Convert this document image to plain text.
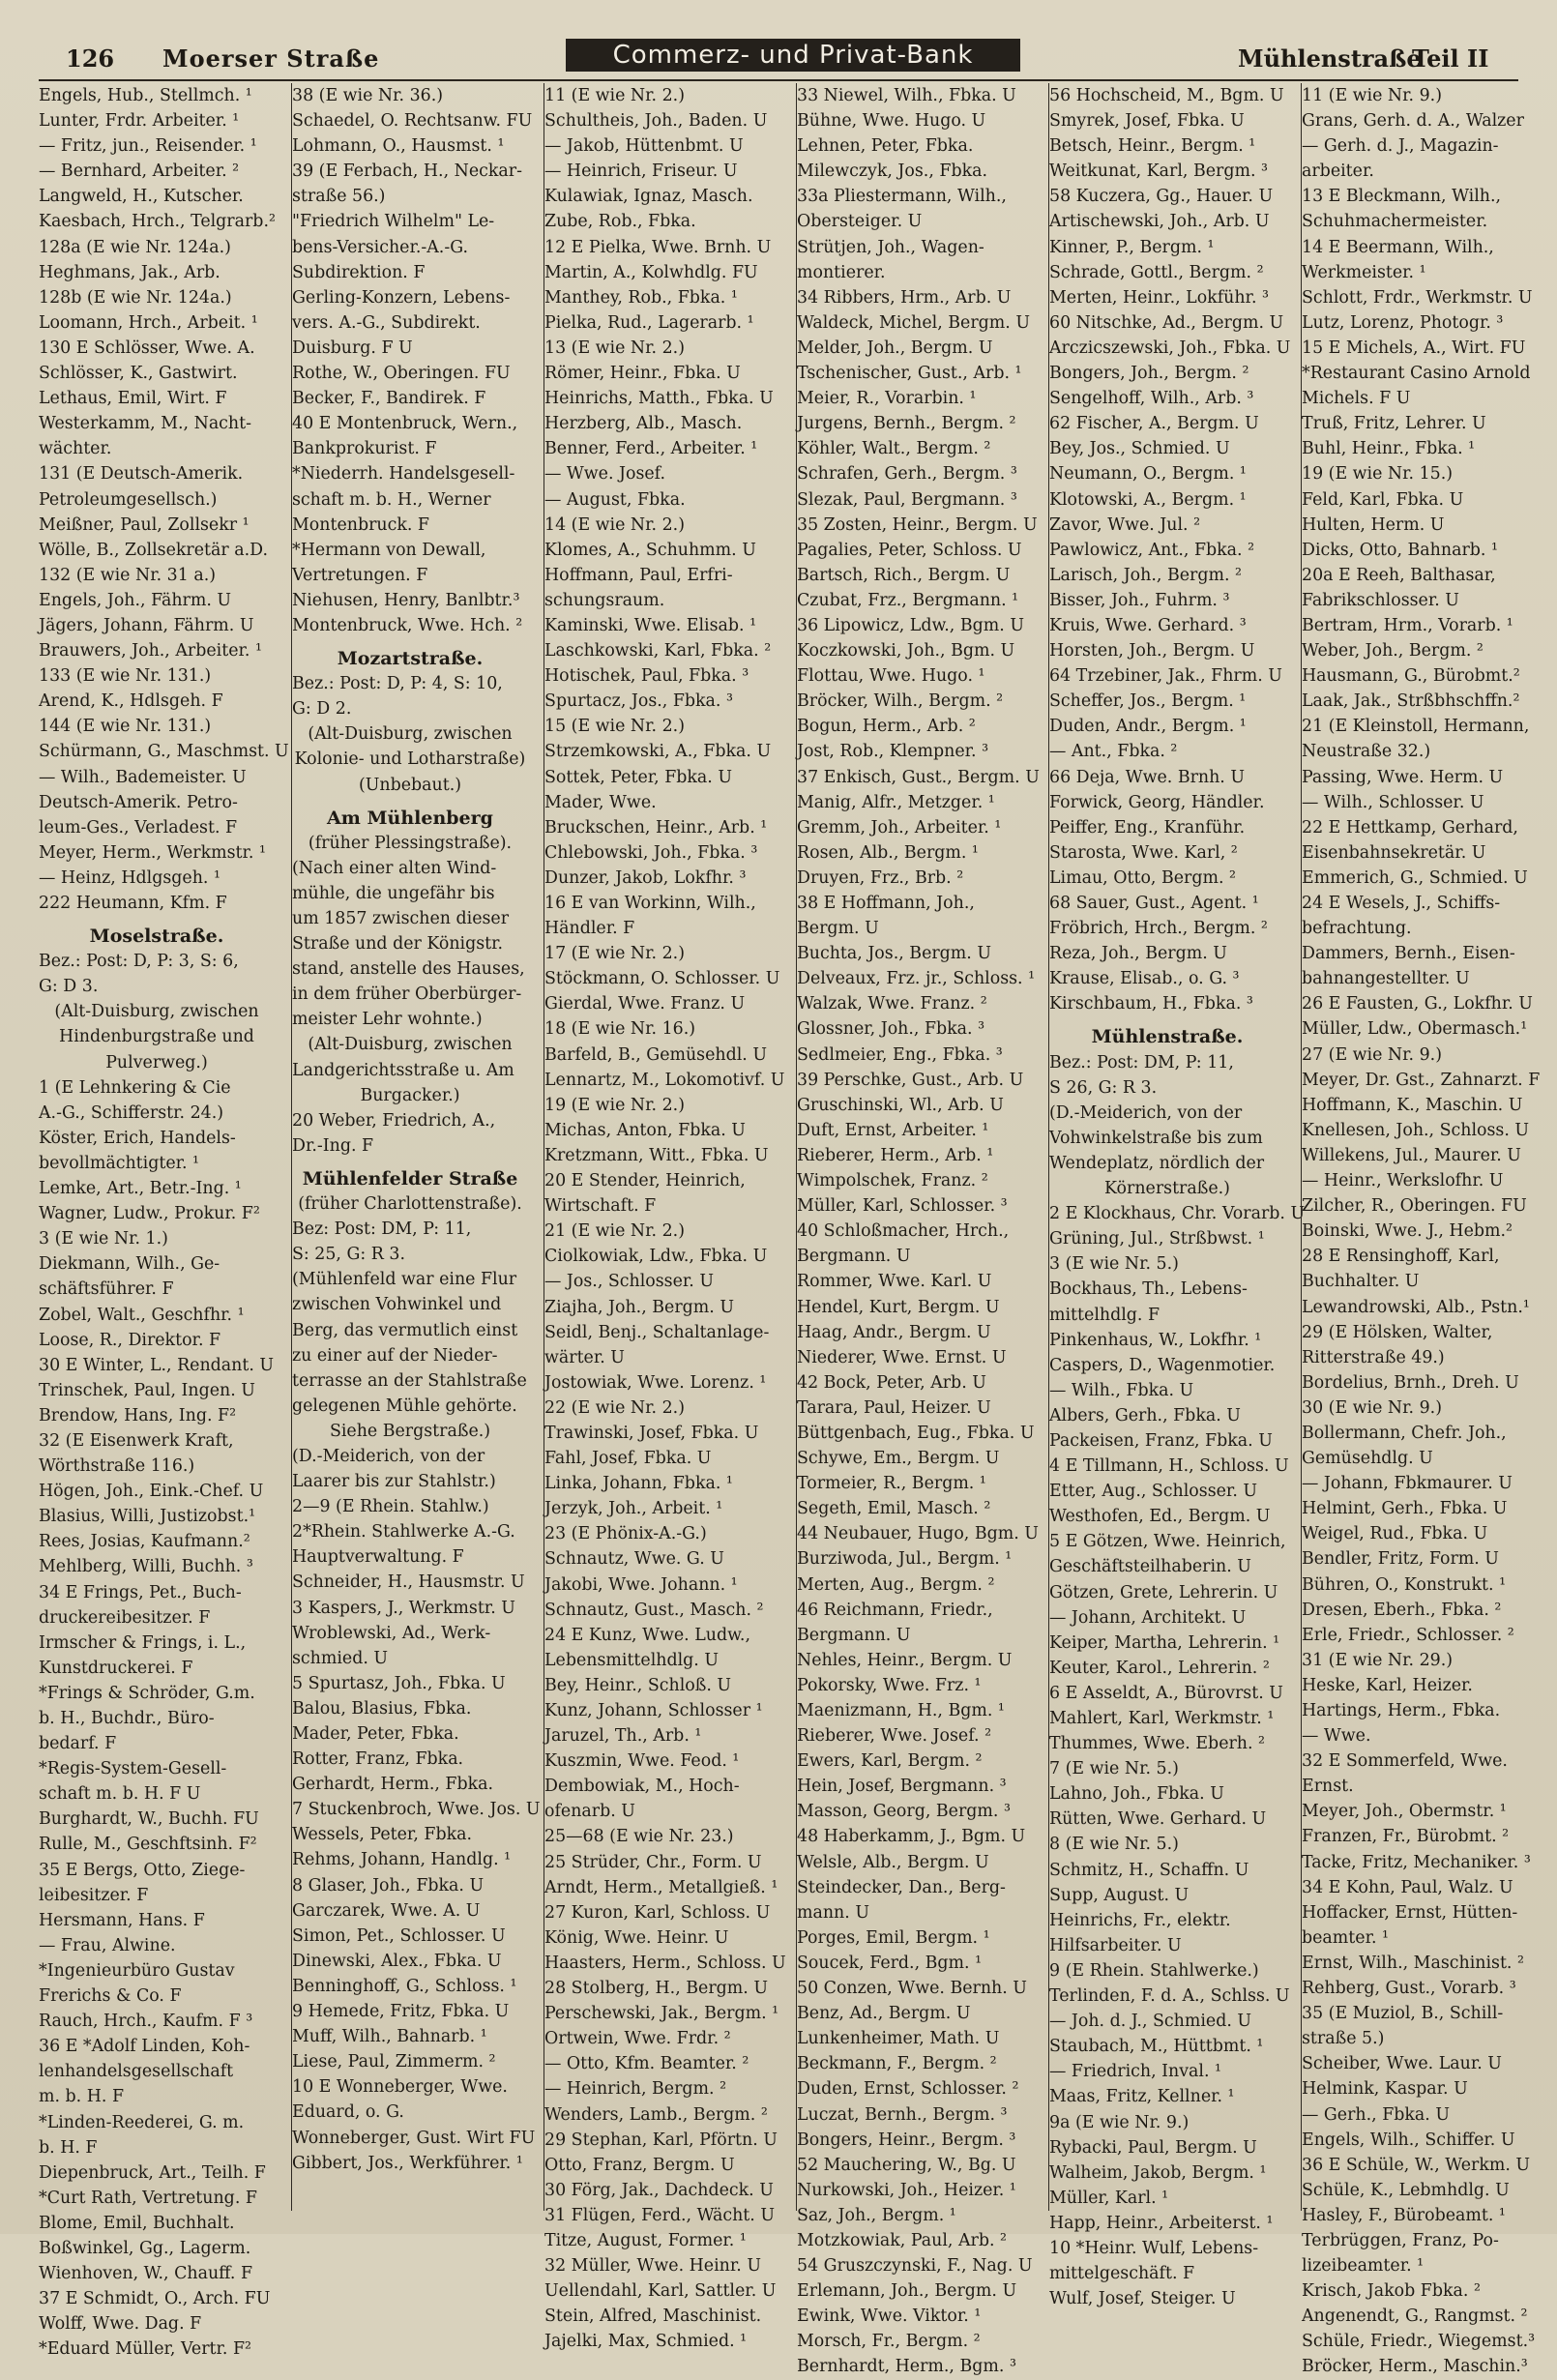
126 Moerser Straße	Commerz- und Privat-Bank	Mühlenstraße
Teil II
Engels, Hub., Stellmch. ¹
Lunter, Frdr. Arbeiter. ¹
— Fritz, jun., Reisender. ¹
— Bernhard, Arbeiter. ²
Langweld, H., Kutscher.
Kaesbach, Hrch., Telgrarb.²
128a (E wie Nr. 124a.)
Heghmans, Jak., Arb.
128b (E wie Nr. 124a.)
Loomann, Hrch., Arbeit. ¹
130 E Schlösser, Wwe. A.
Schlösser, K., Gastwirt.
Lethaus, Emil, Wirt. F
Westerkamm, M., Nacht-
wächter.
131 (E Deutsch-Amerik.
Petroleumgesellsch.)
Meißner, Paul, Zollsekr ¹
Wölle, B., Zollsekretär a.D.
132 (E wie Nr. 31 a.)
Engels, Joh., Fährm. U
Jägers, Johann, Fährm. U
Brauwers, Joh., Arbeiter. ¹
133 (E wie Nr. 131.)
Arend, K., Hdlsgeh. F
144 (E wie Nr. 131.)
Schürmann, G., Maschmst. U
— Wilh., Bademeister. U
Deutsch-Amerik. Petro-
leum-Ges., Verladest. F
Meyer, Herm., Werkmstr. ¹
— Heinz, Hdlgsgeh. ¹
222 Heumann, Kfm. F
Moselstraße.
Bez.: Post: D, P: 3, S: 6,
G: D 3.
(Alt-Duisburg, zwischen
Hindenburgstraße und
Pulverweg.)
1 (E Lehnkering & Cie
A.-G., Schifferstr. 24.)
Köster, Erich, Handels-
bevollmächtigter. ¹
Lemke, Art., Betr.-Ing. ¹
Wagner, Ludw., Prokur. F²
3 (E wie Nr. 1.)
Diekmann, Wilh., Ge-
schäftsführer. F
Zobel, Walt., Geschfhr. ¹
Loose, R., Direktor. F
30 E Winter, L., Rendant. U
Trinschek, Paul, Ingen. U
Brendow, Hans, Ing. F²
32 (E Eisenwerk Kraft,
Wörthstraße 116.)
Högen, Joh., Eink.-Chef. U
Blasius, Willi, Justizobst.¹
Rees, Josias, Kaufmann.²
Mehlberg, Willi, Buchh. ³
34 E Frings, Pet., Buch-
druckereibesitzer. F
Irmscher & Frings, i. L.,
Kunstdruckerei. F
*Frings & Schröder, G.m.
b. H., Buchdr., Büro-
bedarf. F
*Regis-System-Gesell-
schaft m. b. H. F U
Burghardt, W., Buchh. FU
Rulle, M., Geschftsinh. F²
35 E Bergs, Otto, Ziege-
leibesitzer. F
Hersmann, Hans. F
— Frau, Alwine.
*Ingenieurbüro Gustav
Frerichs & Co. F
Rauch, Hrch., Kaufm. F ³
36 E *Adolf Linden, Koh-
lenhandelsgesellschaft
m. b. H. F
*Linden-Reederei, G. m.
b. H. F
Diepenbruck, Art., Teilh. F
*Curt Rath, Vertretung. F
Blome, Emil, Buchhalt.
Boßwinkel, Gg., Lagerm.
Wienhoven, W., Chauff. F
37 E Schmidt, O., Arch. FU
Wolff, Wwe. Dag. F
*Eduard Müller, Vertr. F²
38 (E wie Nr. 36.)
Schaedel, O. Rechtsanw. FU
Lohmann, O., Hausmst. ¹
39 (E Ferbach, H., Neckar-
straße 56.)
"Friedrich Wilhelm" Le-
bens-Versicher.-A.-G.
Subdirektion. F
Gerling-Konzern, Lebens-
vers. A.-G., Subdirekt.
Duisburg. F U
Rothe, W., Oberingen. FU
Becker, F., Bandirek. F
40 E Montenbruck, Wern.,
Bankprokurist. F
*Niederrh. Handelsgesell-
schaft m. b. H., Werner
Montenbruck. F
*Hermann von Dewall,
Vertretungen. F
Niehusen, Henry, Banlbtr.³
Montenbruck, Wwe. Hch. ²
Mozartstraße.
Bez.: Post: D, P: 4, S: 10,
G: D 2.
(Alt-Duisburg, zwischen
Kolonie- und Lotharstraße)
(Unbebaut.)
Am Mühlenberg
(früher Plessingstraße).
(Nach einer alten Wind-
mühle, die ungefähr bis
um 1857 zwischen dieser
Straße und der Königstr.
stand, anstelle des Hauses,
in dem früher Oberbürger-
meister Lehr wohnte.)
(Alt-Duisburg, zwischen
Landgerichtsstraße u. Am
Burgacker.)
20 Weber, Friedrich, A.,
Dr.-Ing. F
Mühlenfelder Straße
(früher Charlottenstraße).
Bez: Post: DM, P: 11,
S: 25, G: R 3.
(Mühlenfeld war eine Flur
zwischen Vohwinkel und
Berg, das vermutlich einst
zu einer auf der Nieder-
terrasse an der Stahlstraße
gelegenen Mühle gehörte.
Siehe Bergstraße.)
(D.-Meiderich, von der
Laarer bis zur Stahlstr.)
2—9 (E Rhein. Stahlw.)
2*Rhein. Stahlwerke A.-G.
Hauptverwaltung. F
Schneider, H., Hausmstr. U
3 Kaspers, J., Werkmstr. U
Wroblewski, Ad., Werk-
schmied. U
5 Spurtasz, Joh., Fbka. U
Balou, Blasius, Fbka.
Mader, Peter, Fbka.
Rotter, Franz, Fbka.
Gerhardt, Herm., Fbka.
7 Stuckenbroch, Wwe. Jos. U
Wessels, Peter, Fbka.
Rehms, Johann, Handlg. ¹
8 Glaser, Joh., Fbka. U
Garczarek, Wwe. A. U
Simon, Pet., Schlosser. U
Dinewski, Alex., Fbka. U
Benninghoff, G., Schloss. ¹
9 Hemede, Fritz, Fbka. U
Muff, Wilh., Bahnarb. ¹
Liese, Paul, Zimmerm. ²
10 E Wonneberger, Wwe.
Eduard, o. G.
Wonneberger, Gust. Wirt FU
Gibbert, Jos., Werkführer. ¹
11 (E wie Nr. 2.)
Schultheis, Joh., Baden. U
— Jakob, Hüttenbmt. U
— Heinrich, Friseur. U
Kulawiak, Ignaz, Masch.
Zube, Rob., Fbka.
12 E Pielka, Wwe. Brnh. U
Martin, A., Kolwhdlg. FU
Manthey, Rob., Fbka. ¹
Pielka, Rud., Lagerarb. ¹
13 (E wie Nr. 2.)
Römer, Heinr., Fbka. U
Heinrichs, Matth., Fbka. U
Herzberg, Alb., Masch.
Benner, Ferd., Arbeiter. ¹
— Wwe. Josef.
— August, Fbka.
14 (E wie Nr. 2.)
Klomes, A., Schuhmm. U
Hoffmann, Paul, Erfri-
schungsraum.
Kaminski, Wwe. Elisab. ¹
Laschkowski, Karl, Fbka. ²
Hotischek, Paul, Fbka. ³
Spurtacz, Jos., Fbka. ³
15 (E wie Nr. 2.)
Strzemkowski, A., Fbka. U
Sottek, Peter, Fbka. U
Mader, Wwe.
Bruckschen, Heinr., Arb. ¹
Chlebowski, Joh., Fbka. ³
Dunzer, Jakob, Lokfhr. ³
16 E van Workinn, Wilh.,
Händler. F
17 (E wie Nr. 2.)
Stöckmann, O. Schlosser. U
Gierdal, Wwe. Franz. U
18 (E wie Nr. 16.)
Barfeld, B., Gemüsehdl. U
Lennartz, M., Lokomotivf. U
19 (E wie Nr. 2.)
Michas, Anton, Fbka. U
Kretzmann, Witt., Fbka. U
20 E Stender, Heinrich,
Wirtschaft. F
21 (E wie Nr. 2.)
Ciolkowiak, Ldw., Fbka. U
— Jos., Schlosser. U
Ziajha, Joh., Bergm. U
Seidl, Benj., Schaltanlage-
wärter. U
Jostowiak, Wwe. Lorenz. ¹
22 (E wie Nr. 2.)
Trawinski, Josef, Fbka. U
Fahl, Josef, Fbka. U
Linka, Johann, Fbka. ¹
Jerzyk, Joh., Arbeit. ¹
23 (E Phönix-A.-G.)
Schnautz, Wwe. G. U
Jakobi, Wwe. Johann. ¹
Schnautz, Gust., Masch. ²
24 E Kunz, Wwe. Ludw.,
Lebensmittelhdlg. U
Bey, Heinr., Schloß. U
Kunz, Johann, Schlosser ¹
Jaruzel, Th., Arb. ¹
Kuszmin, Wwe. Feod. ¹
Dembowiak, M., Hoch-
ofenarb. U
25—68 (E wie Nr. 23.)
25 Strüder, Chr., Form. U
Arndt, Herm., Metallgieß. ¹
27 Kuron, Karl, Schloss. U
König, Wwe. Heinr. U
Haasters, Herm., Schloss. U
28 Stolberg, H., Bergm. U
Perschewski, Jak., Bergm. ¹
Ortwein, Wwe. Frdr. ²
— Otto, Kfm. Beamter. ²
— Heinrich, Bergm. ²
Wenders, Lamb., Bergm. ²
29 Stephan, Karl, Pförtn. U
Otto, Franz, Bergm. U
30 Förg, Jak., Dachdeck. U
31 Flügen, Ferd., Wächt. U
Titze, August, Former. ¹
32 Müller, Wwe. Heinr. U
Uellendahl, Karl, Sattler. U
Stein, Alfred, Maschinist.
Jajelki, Max, Schmied. ¹
33 Niewel, Wilh., Fbka. U
Bühne, Wwe. Hugo. U
Lehnen, Peter, Fbka.
Milewczyk, Jos., Fbka.
33a Pliestermann, Wilh.,
Obersteiger. U
Strütjen, Joh., Wagen-
montierer.
34 Ribbers, Hrm., Arb. U
Waldeck, Michel, Bergm. U
Melder, Joh., Bergm. U
Tschenischer, Gust., Arb. ¹
Meier, R., Vorarbin. ¹
Jurgens, Bernh., Bergm. ²
Köhler, Walt., Bergm. ²
Schrafen, Gerh., Bergm. ³
Slezak, Paul, Bergmann. ³
35 Zosten, Heinr., Bergm. U
Pagalies, Peter, Schloss. U
Bartsch, Rich., Bergm. U
Czubat, Frz., Bergmann. ¹
36 Lipowicz, Ldw., Bgm. U
Koczkowski, Joh., Bgm. U
Flottau, Wwe. Hugo. ¹
Bröcker, Wilh., Bergm. ²
Bogun, Herm., Arb. ²
Jost, Rob., Klempner. ³
37 Enkisch, Gust., Bergm. U
Manig, Alfr., Metzger. ¹
Gremm, Joh., Arbeiter. ¹
Rosen, Alb., Bergm. ¹
Druyen, Frz., Brb. ²
38 E Hoffmann, Joh.,
Bergm. U
Buchta, Jos., Bergm. U
Delveaux, Frz. jr., Schloss. ¹
Walzak, Wwe. Franz. ²
Glossner, Joh., Fbka. ³
Sedlmeier, Eng., Fbka. ³
39 Perschke, Gust., Arb. U
Gruschinski, Wl., Arb. U
Duft, Ernst, Arbeiter. ¹
Rieberer, Herm., Arb. ¹
Wimpolschek, Franz. ²
Müller, Karl, Schlosser. ³
40 Schloßmacher, Hrch.,
Bergmann. U
Rommer, Wwe. Karl. U
Hendel, Kurt, Bergm. U
Haag, Andr., Bergm. U
Niederer, Wwe. Ernst. U
42 Bock, Peter, Arb. U
Tarara, Paul, Heizer. U
Büttgenbach, Eug., Fbka. U
Schywe, Em., Bergm. U
Tormeier, R., Bergm. ¹
Segeth, Emil, Masch. ²
44 Neubauer, Hugo, Bgm. U
Burziwoda, Jul., Bergm. ¹
Merten, Aug., Bergm. ²
46 Reichmann, Friedr.,
Bergmann. U
Nehles, Heinr., Bergm. U
Pokorsky, Wwe. Frz. ¹
Maenizmann, H., Bgm. ¹
Rieberer, Wwe. Josef. ²
Ewers, Karl, Bergm. ²
Hein, Josef, Bergmann. ³
Masson, Georg, Bergm. ³
48 Haberkamm, J., Bgm. U
Welsle, Alb., Bergm. U
Steindecker, Dan., Berg-
mann. U
Porges, Emil, Bergm. ¹
Soucek, Ferd., Bgm. ¹
50 Conzen, Wwe. Bernh. U
Benz, Ad., Bergm. U
Lunkenheimer, Math. U
Beckmann, F., Bergm. ²
Duden, Ernst, Schlosser. ²
Luczat, Bernh., Bergm. ³
Bongers, Heinr., Bergm. ³
52 Mauchering, W., Bg. U
Nurkowski, Joh., Heizer. ¹
Saz, Joh., Bergm. ¹
Motzkowiak, Paul, Arb. ²
54 Gruszczynski, F., Nag. U
Erlemann, Joh., Bergm. U
Ewink, Wwe. Viktor. ¹
Morsch, Fr., Bergm. ²
Bernhardt, Herm., Bgm. ³
56 Hochscheid, M., Bgm. U
Smyrek, Josef, Fbka. U
Betsch, Heinr., Bergm. ¹
Weitkunat, Karl, Bergm. ³
58 Kuczera, Gg., Hauer. U
Artischewski, Joh., Arb. U
Kinner, P., Bergm. ¹
Schrade, Gottl., Bergm. ²
Merten, Heinr., Lokführ. ³
60 Nitschke, Ad., Bergm. U
Arczicszewski, Joh., Fbka. U
Bongers, Joh., Bergm. ²
Sengelhoff, Wilh., Arb. ³
62 Fischer, A., Bergm. U
Bey, Jos., Schmied. U
Neumann, O., Bergm. ¹
Klotowski, A., Bergm. ¹
Zavor, Wwe. Jul. ²
Pawlowicz, Ant., Fbka. ²
Larisch, Joh., Bergm. ²
Bisser, Joh., Fuhrm. ³
Kruis, Wwe. Gerhard. ³
Horsten, Joh., Bergm. U
64 Trzebiner, Jak., Fhrm. U
Scheffer, Jos., Bergm. ¹
Duden, Andr., Bergm. ¹
— Ant., Fbka. ²
66 Deja, Wwe. Brnh. U
Forwick, Georg, Händler.
Peiffer, Eng., Kranführ.
Starosta, Wwe. Karl, ²
Limau, Otto, Bergm. ²
68 Sauer, Gust., Agent. ¹
Fröbrich, Hrch., Bergm. ²
Reza, Joh., Bergm. U
Krause, Elisab., o. G. ³
Kirschbaum, H., Fbka. ³
Mühlenstraße.
Bez.: Post: DM, P: 11,
S 26, G: R 3.
(D.-Meiderich, von der
Vohwinkelstraße bis zum
Wendeplatz, nördlich der
Körnerstraße.)
2 E Klockhaus, Chr. Vorarb. U
Grüning, Jul., Strßbwst. ¹
3 (E wie Nr. 5.)
Bockhaus, Th., Lebens-
mittelhdlg. F
Pinkenhaus, W., Lokfhr. ¹
Caspers, D., Wagenmotier.
— Wilh., Fbka. U
Albers, Gerh., Fbka. U
Packeisen, Franz, Fbka. U
4 E Tillmann, H., Schloss. U
Etter, Aug., Schlosser. U
Westhofen, Ed., Bergm. U
5 E Götzen, Wwe. Heinrich,
Geschäftsteilhaberin. U
Götzen, Grete, Lehrerin. U
— Johann, Architekt. U
Keiper, Martha, Lehrerin. ¹
Keuter, Karol., Lehrerin. ²
6 E Asseldt, A., Bürovrst. U
Mahlert, Karl, Werkmstr. ¹
Thummes, Wwe. Eberh. ²
7 (E wie Nr. 5.)
Lahno, Joh., Fbka. U
Rütten, Wwe. Gerhard. U
8 (E wie Nr. 5.)
Schmitz, H., Schaffn. U
Supp, August. U
Heinrichs, Fr., elektr.
Hilfsarbeiter. U
9 (E Rhein. Stahlwerke.)
Terlinden, F. d. A., Schlss. U
— Joh. d. J., Schmied. U
Staubach, M., Hüttbmt. ¹
— Friedrich, Inval. ¹
Maas, Fritz, Kellner. ¹
9a (E wie Nr. 9.)
Rybacki, Paul, Bergm. U
Walheim, Jakob, Bergm. ¹
Müller, Karl. ¹
Happ, Heinr., Arbeiterst. ¹
10 *Heinr. Wulf, Lebens-
mittelgeschäft. F
Wulf, Josef, Steiger. U
11 (E wie Nr. 9.)
Grans, Gerh. d. A., Walzer
— Gerh. d. J., Magazin-
arbeiter.
13 E Bleckmann, Wilh.,
Schuhmachermeister.
14 E Beermann, Wilh.,
Werkmeister. ¹
Schlott, Frdr., Werkmstr. U
Lutz, Lorenz, Photogr. ³
15 E Michels, A., Wirt. FU
*Restaurant Casino Arnold
Michels. F U
Truß, Fritz, Lehrer. U
Buhl, Heinr., Fbka. ¹
19 (E wie Nr. 15.)
Feld, Karl, Fbka. U
Hulten, Herm. U
Dicks, Otto, Bahnarb. ¹
20a E Reeh, Balthasar,
Fabrikschlosser. U
Bertram, Hrm., Vorarb. ¹
Weber, Joh., Bergm. ²
Hausmann, G., Bürobmt.²
Laak, Jak., Strßbhschffn.²
21 (E Kleinstoll, Hermann,
Neustraße 32.)
Passing, Wwe. Herm. U
— Wilh., Schlosser. U
22 E Hettkamp, Gerhard,
Eisenbahnsekretär. U
Emmerich, G., Schmied. U
24 E Wesels, J., Schiffs-
befrachtung.
Dammers, Bernh., Eisen-
bahnangestellter. U
26 E Fausten, G., Lokfhr. U
Müller, Ldw., Obermasch.¹
27 (E wie Nr. 9.)
Meyer, Dr. Gst., Zahnarzt. F
Hoffmann, K., Maschin. U
Knellesen, Joh., Schloss. U
Willekens, Jul., Maurer. U
— Heinr., Werkslofhr. U
Zilcher, R., Oberingen. FU
Boinski, Wwe. J., Hebm.²
28 E Rensinghoff, Karl,
Buchhalter. U
Lewandrowski, Alb., Pstn.¹
29 (E Hölsken, Walter,
Ritterstraße 49.)
Bordelius, Brnh., Dreh. U
30 (E wie Nr. 9.)
Bollermann, Chefr. Joh.,
Gemüsehdlg. U
— Johann, Fbkmaurer. U
Helmint, Gerh., Fbka. U
Weigel, Rud., Fbka. U
Bendler, Fritz, Form. U
Bühren, O., Konstrukt. ¹
Dresen, Eberh., Fbka. ²
Erle, Friedr., Schlosser. ²
31 (E wie Nr. 29.)
Heske, Karl, Heizer.
Hartings, Herm., Fbka.
— Wwe.
32 E Sommerfeld, Wwe.
Ernst.
Meyer, Joh., Obermstr. ¹
Franzen, Fr., Bürobmt. ²
Tacke, Fritz, Mechaniker. ³
34 E Kohn, Paul, Walz. U
Hoffacker, Ernst, Hütten-
beamter. ¹
Ernst, Wilh., Maschinist. ²
Rehberg, Gust., Vorarb. ³
35 (E Muziol, B., Schill-
straße 5.)
Scheiber, Wwe. Laur. U
Helmink, Kaspar. U
— Gerh., Fbka. U
Engels, Wilh., Schiffer. U
36 E Schüle, W., Werkm. U
Schüle, K., Lebmhdlg. U
Hasley, F., Bürobeamt. ¹
Terbrüggen, Franz, Po-
lizeibeamter. ¹
Krisch, Jakob Fbka. ²
Angenendt, G., Rangmst. ²
Schüle, Friedr., Wiegemst.³
Bröcker, Herm., Maschin.³
